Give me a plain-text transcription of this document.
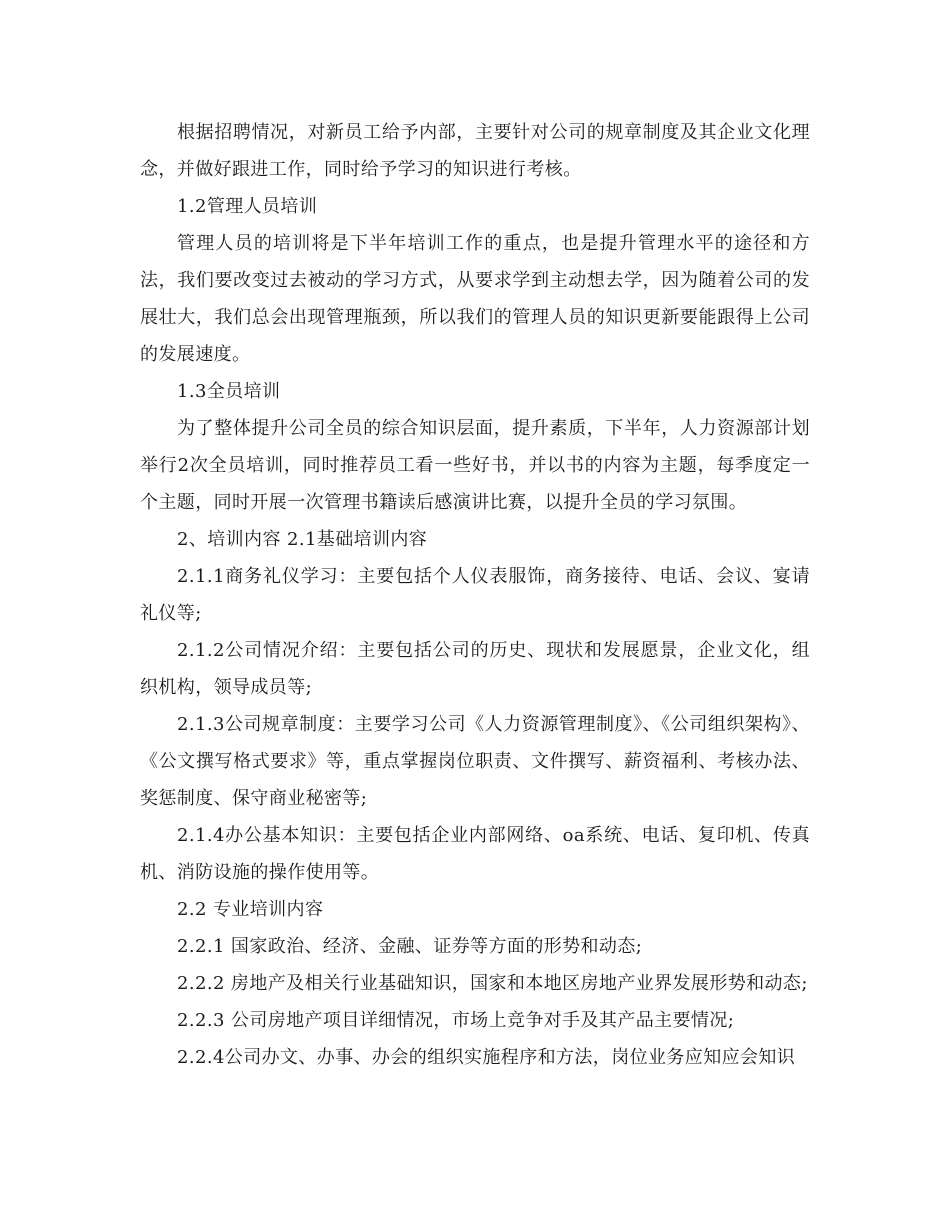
根据招聘情况，对新员工给予内部，主要针对公司的规章制度及其企业文化理念，并做好跟进工作，同时给予学习的知识进行考核。

1.2管理人员培训

管理人员的培训将是下半年培训工作的重点，也是提升管理水平的途径和方法，我们要改变过去被动的学习方式，从要求学到主动想去学，因为随着公司的发展壮大，我们总会出现管理瓶颈，所以我们的管理人员的知识更新要能跟得上公司的发展速度。

1.3全员培训

为了整体提升公司全员的综合知识层面，提升素质，下半年，人力资源部计划举行2次全员培训，同时推荐员工看一些好书，并以书的内容为主题，每季度定一个主题，同时开展一次管理书籍读后感演讲比赛，以提升全员的学习氛围。

2、培训内容 2.1基础培训内容

2.1.1商务礼仪学习：主要包括个人仪表服饰，商务接待、电话、会议、宴请礼仪等;

2.1.2公司情况介绍：主要包括公司的历史、现状和发展愿景，企业文化，组织机构，领导成员等;

2.1.3公司规章制度：主要学习公司《人力资源管理制度》、《公司组织架构》、《公文撰写格式要求》等，重点掌握岗位职责、文件撰写、薪资福利、考核办法、奖惩制度、保守商业秘密等;

2.1.4办公基本知识：主要包括企业内部网络、oa系统、电话、复印机、传真机、消防设施的操作使用等。

2.2 专业培训内容

2.2.1 国家政治、经济、金融、证券等方面的形势和动态;

2.2.2 房地产及相关行业基础知识，国家和本地区房地产业界发展形势和动态;

2.2.3 公司房地产项目详细情况，市场上竞争对手及其产品主要情况;

2.2.4公司办文、办事、办会的组织实施程序和方法，岗位业务应知应会知识
